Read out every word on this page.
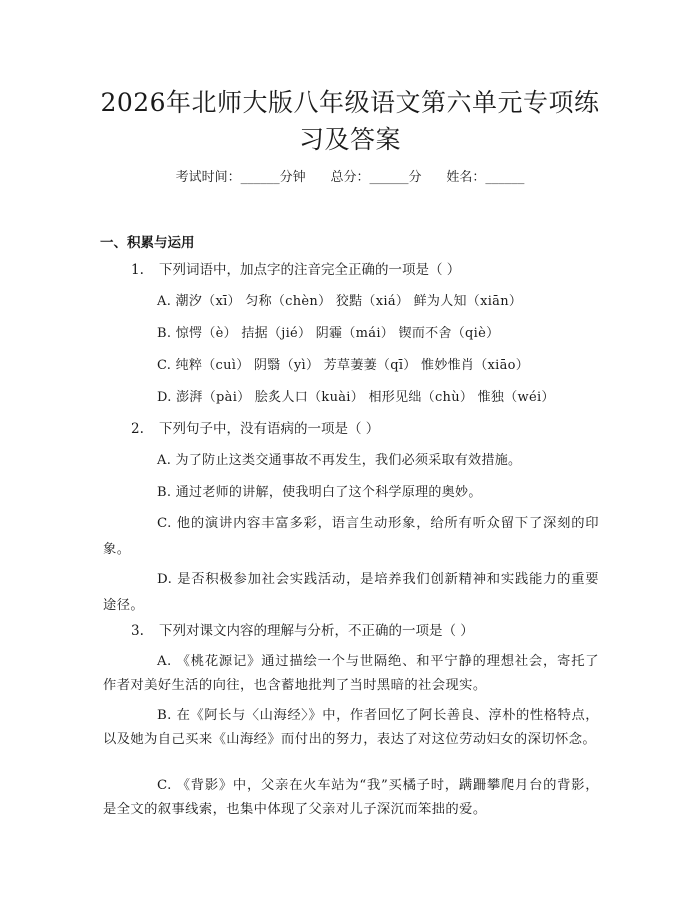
2026年北师大版八年级语文第六单元专项练习及答案
考试时间：______分钟 总分：______分 姓名：______
一、积累与运用
1. 下列词语中，加点字的注音完全正确的一项是（ ）
A. 潮汐（xī） 匀称（chèn） 狡黠（xiá） 鲜为人知（xiān）
B. 惊愕（è） 拮据（jié） 阴霾（mái） 锲而不舍（qiè）
C. 纯粹（cuì） 阴翳（yì） 芳草萋萋（qī） 惟妙惟肖（xiāo）
D. 澎湃（pài） 脍炙人口（kuài） 相形见绌（chù） 惟独（wéi）
2. 下列句子中，没有语病的一项是（ ）
A. 为了防止这类交通事故不再发生，我们必须采取有效措施。
B. 通过老师的讲解，使我明白了这个科学原理的奥妙。
C. 他的演讲内容丰富多彩，语言生动形象，给所有听众留下了深刻的印象。
D. 是否积极参加社会实践活动，是培养我们创新精神和实践能力的重要途径。
3. 下列对课文内容的理解与分析，不正确的一项是（ ）
A. 《桃花源记》通过描绘一个与世隔绝、和平宁静的理想社会，寄托了作者对美好生活的向往，也含蓄地批判了当时黑暗的社会现实。
B. 在《阿长与〈山海经〉》中，作者回忆了阿长善良、淳朴的性格特点，以及她为自己买来《山海经》而付出的努力，表达了对这位劳动妇女的深切怀念。
C. 《背影》中，父亲在火车站为“我”买橘子时，蹒跚攀爬月台的背影，是全文的叙事线索，也集中体现了父亲对儿子深沉而笨拙的爱。
